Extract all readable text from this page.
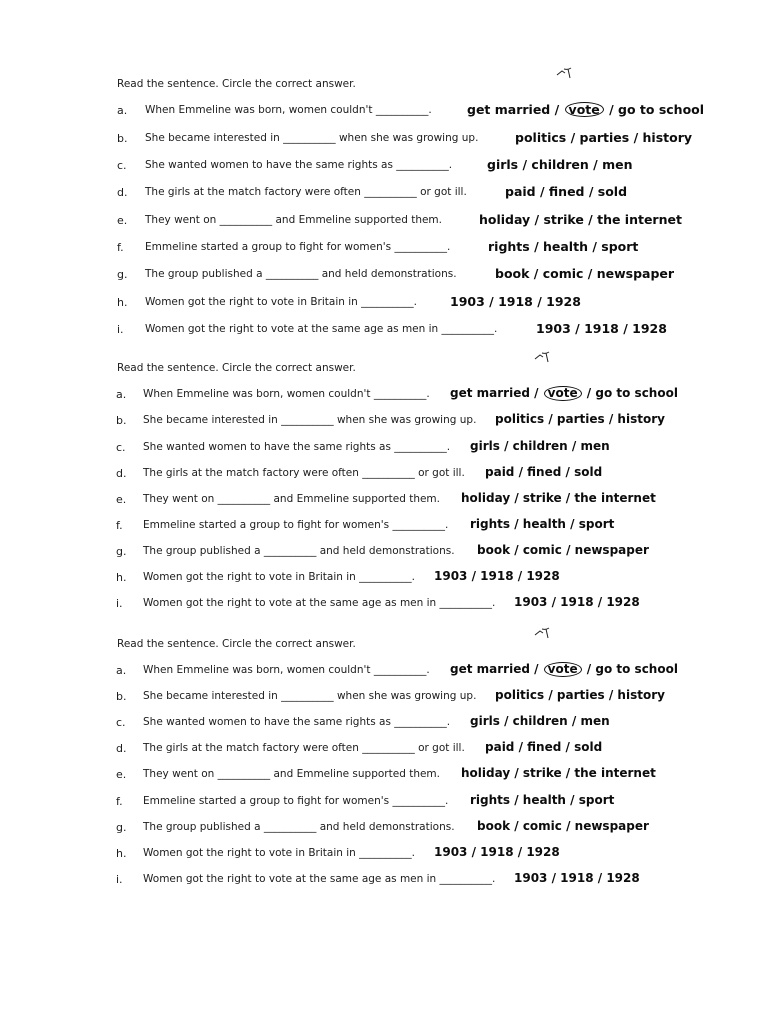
Read the sentence. Circle the correct answer.
a. When Emmeline was born, women couldn't __________.	get married / vote / go to school
b. She became interested in __________ when she was growing up.	politics / parties / history
c. She wanted women to have the same rights as __________.	girls / children / men
d. The girls at the match factory were often __________ or got ill.	paid / fined / sold
e. They went on __________ and Emmeline supported them.	holiday / strike / the internet
f. Emmeline started a group to fight for women's __________.	rights / health / sport
g. The group published a __________ and held demonstrations.	book / comic / newspaper
h. Women got the right to vote in Britain in __________.	1903 / 1918 / 1928
i. Women got the right to vote at the same age as men in __________.	1903 / 1918 / 1928
Read the sentence. Circle the correct answer.
a. When Emmeline was born, women couldn't __________. get married / vote / go to school
b. She became interested in __________ when she was growing up. politics / parties / history
c. She wanted women to have the same rights as __________. girls / children / men
d. The girls at the match factory were often __________ or got ill. paid / fined / sold
e. They went on __________ and Emmeline supported them. holiday / strike / the internet
f. Emmeline started a group to fight for women's __________. rights / health / sport
g. The group published a __________ and held demonstrations. book / comic / newspaper
h. Women got the right to vote in Britain in __________. 1903 / 1918 / 1928
i. Women got the right to vote at the same age as men in __________. 1903 / 1918 / 1928
Read the sentence. Circle the correct answer.
a. When Emmeline was born, women couldn't __________. get married / vote / go to school
b. She became interested in __________ when she was growing up. politics / parties / history
c. She wanted women to have the same rights as __________. girls / children / men
d. The girls at the match factory were often __________ or got ill. paid / fined / sold
e. They went on __________ and Emmeline supported them. holiday / strike / the internet
f. Emmeline started a group to fight for women's __________. rights / health / sport
g. The group published a __________ and held demonstrations. book / comic / newspaper
h. Women got the right to vote in Britain in __________. 1903 / 1918 / 1928
i. Women got the right to vote at the same age as men in __________. 1903 / 1918 / 1928
